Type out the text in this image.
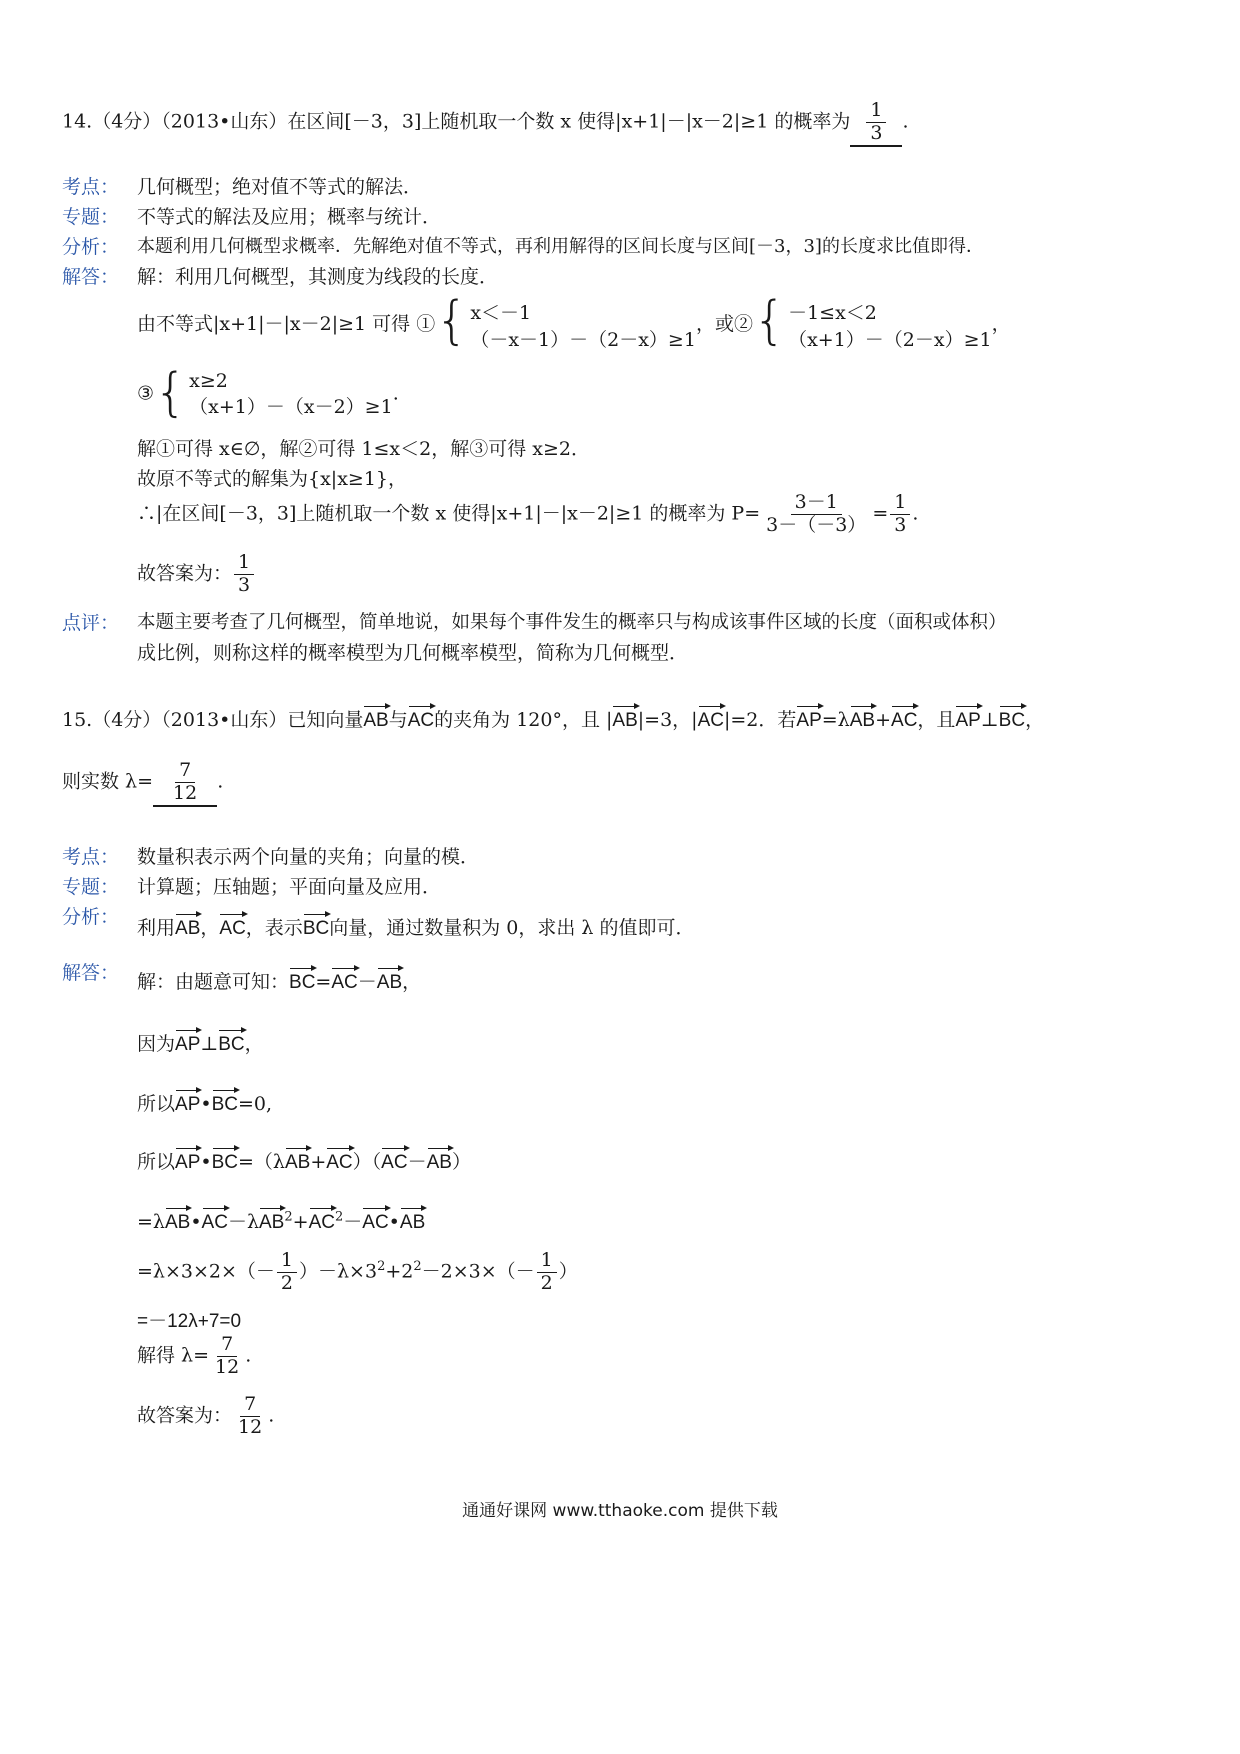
14.（4分）（2013•山东）在区间[－3，3]上随机取一个数 x 使得|x+1|－|x－2|≥1 的概率为 $\frac{1}{3}$ .
考点： 几何概型；绝对值不等式的解法．
专题： 不等式的解法及应用；概率与统计．
分析： 本题利用几何概型求概率．先解绝对值不等式，再利用解得的区间长度与区间[－3，3]的长度求比值即得．
解答： 解：利用几何概型，其测度为线段的长度．
由不等式|x+1|－|x－2|≥1 可得 ① { x＜－1
（－x－1）－（2－x）≥1
，或② { －1≤x＜2
（x+1）－（2－x）≥1
，
③ { x≥2
（x+1）－（x－2）≥1
.
解①可得 x∈∅，解②可得 1≤x＜2，解③可得 x≥2．
故原不等式的解集为{x|x≥1}，
∴|在区间[－3，3]上随机取一个数 x 使得|x+1|－|x－2|≥1 的概率为 $P= \frac{3-1}{3-(-3)} = \frac{1}{3}$ .
故答案为： $\frac{1}{3}$
点评： 本题主要考查了几何概型，简单地说，如果每个事件发生的概率只与构成该事件区域的长度（面积或体积）
成比例，则称这样的概率模型为几何概率模型，简称为几何概型．
15.（4分）（2013•山东）已知向量AB与AC的夹角为 120°，且 |AB|=3，|AC|=2．若AP=λAB+AC，且AP⊥BC，
则实数 $\lambda= \frac{7}{12}$ .
考点： 数量积表示两个向量的夹角；向量的模．
专题： 计算题；压轴题；平面向量及应用．
分析： 利用AB，AC，表示BC向量，通过数量积为 0，求出 λ 的值即可．
解答： 解：由题意可知：BC=AC－AB，
因为AP⊥BC，
所以AP•BC=0,
所以AP•BC=（λAB+AC）（AC－AB）
$=\lambda AB•AC-\lambda AB^2+AC^2-AC•AB$
$=\lambda\times 3\times 2\times(- \frac{1}{2} )-\lambda\times 3^2+2^2-2\times 3\times(- \frac{1}{2}$ ）
=－12λ+7=0
解得 $\lambda= \frac{7}{12}$ .
故答案为： $\frac{7}{12}$ .
通通好课网 www.tthaoke.com 提供下载
